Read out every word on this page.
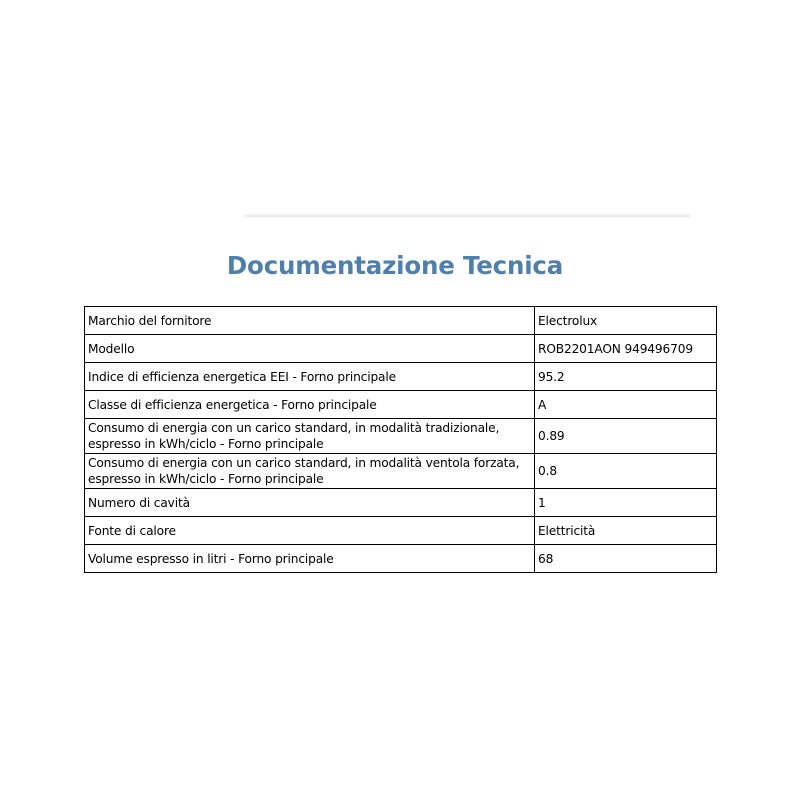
Documentazione Tecnica
Marchio del fornitore	Electrolux
Modello	ROB2201AON 949496709
Indice di efficienza energetica EEI - Forno principale	95.2
Classe di efficienza energetica - Forno principale	A
Consumo di energia con un carico standard, in modalità tradizionale, espresso in kWh/ciclo - Forno principale	0.89
Consumo di energia con un carico standard, in modalità ventola forzata, espresso in kWh/ciclo - Forno principale	0.8
Numero di cavità	1
Fonte di calore	Elettricità
Volume espresso in litri - Forno principale	68
